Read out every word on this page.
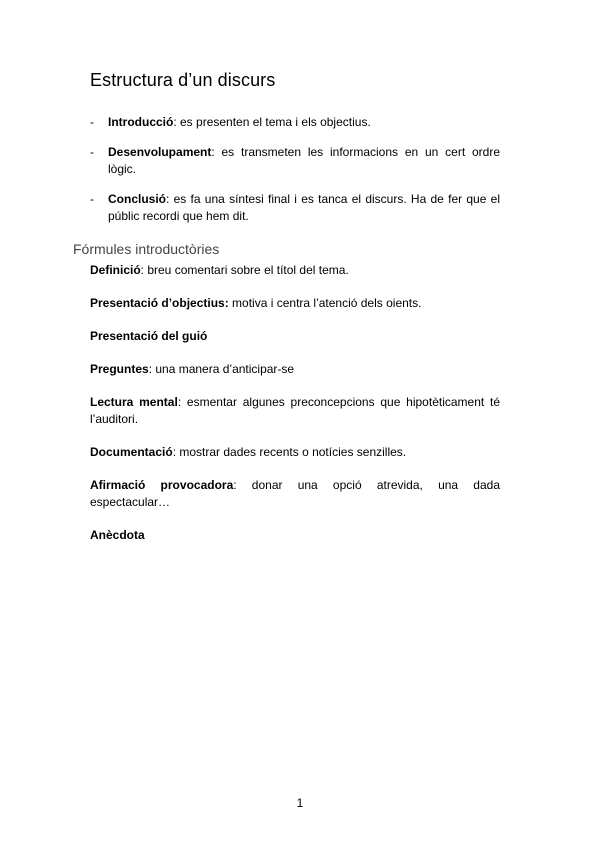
Estructura d’un discurs
- Introducció: es presenten el tema i els objectius.
- Desenvolupament: es transmeten les informacions en un cert ordre lògic.
- Conclusió: es fa una síntesi final i es tanca el discurs. Ha de fer que el públic recordi que hem dit.
Fórmules introductòries

Definició: breu comentari sobre el títol del tema.

Presentació d’objectius: motiva i centra l’atenció dels oients.

Presentació del guió

Preguntes: una manera d’anticipar-se

Lectura mental: esmentar algunes preconcepcions que hipotèticament té l’auditori.

Documentació: mostrar dades recents o notícies senzilles.

Afirmació provocadora: donar una opció atrevida, una dada espectacular…

Anècdota

1
